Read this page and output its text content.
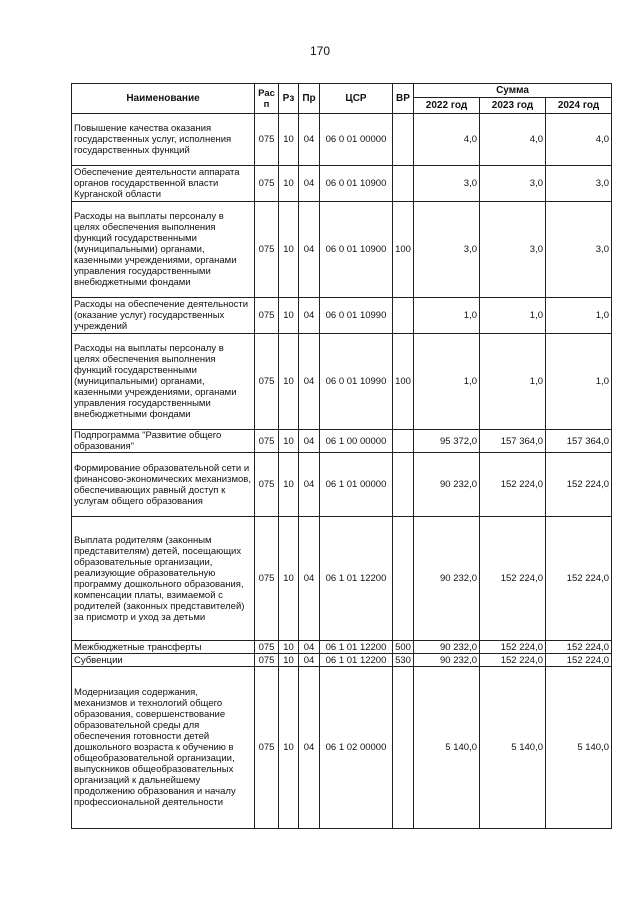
170
Наименование	Рас п	Рз	Пр	ЦСР	ВР	Сумма		
						2022 год	2023 год	2024 год
Повышение качества оказания государственных услуг, исполнения государственных функций	075	10	04	06 0 01 00000		4,0	4,0	4,0
Обеспечение деятельности аппарата органов государственной власти Курганской области	075	10	04	06 0 01 10900		3,0	3,0	3,0
Расходы на выплаты персоналу в целях обеспечения выполнения функций государственными (муниципальными) органами, казенными учреждениями, органами управления государственными внебюджетными фондами	075	10	04	06 0 01 10900	100	3,0	3,0	3,0
Расходы на обеспечение деятельности (оказание услуг) государственных учреждений	075	10	04	06 0 01 10990		1,0	1,0	1,0
Расходы на выплаты персоналу в целях обеспечения выполнения функций государственными (муниципальными) органами, казенными учреждениями, органами управления государственными внебюджетными фондами	075	10	04	06 0 01 10990	100	1,0	1,0	1,0
Подпрограмма "Развитие общего образования"	075	10	04	06 1 00 00000		95 372,0	157 364,0	157 364,0
Формирование образовательной сети и финансово-экономических механизмов, обеспечивающих равный доступ к услугам общего образования	075	10	04	06 1 01 00000		90 232,0	152 224,0	152 224,0
Выплата родителям (законным представителям) детей, посещающих образовательные организации, реализующие образовательную программу дошкольного образования, компенсации платы, взимаемой с родителей (законных представителей) за присмотр и уход за детьми	075	10	04	06 1 01 12200		90 232,0	152 224,0	152 224,0
Межбюджетные трансферты	075	10	04	06 1 01 12200	500	90 232,0	152 224,0	152 224,0
Субвенции	075	10	04	06 1 01 12200	530	90 232,0	152 224,0	152 224,0
Модернизация содержания, механизмов и технологий общего образования, совершенствование образовательной среды для обеспечения готовности детей дошкольного возраста к обучению в общеобразовательной организации, выпускников общеобразовательных организаций к дальнейшему продолжению образования и началу профессиональной деятельности	075	10	04	06 1 02 00000		5 140,0	5 140,0	5 140,0
